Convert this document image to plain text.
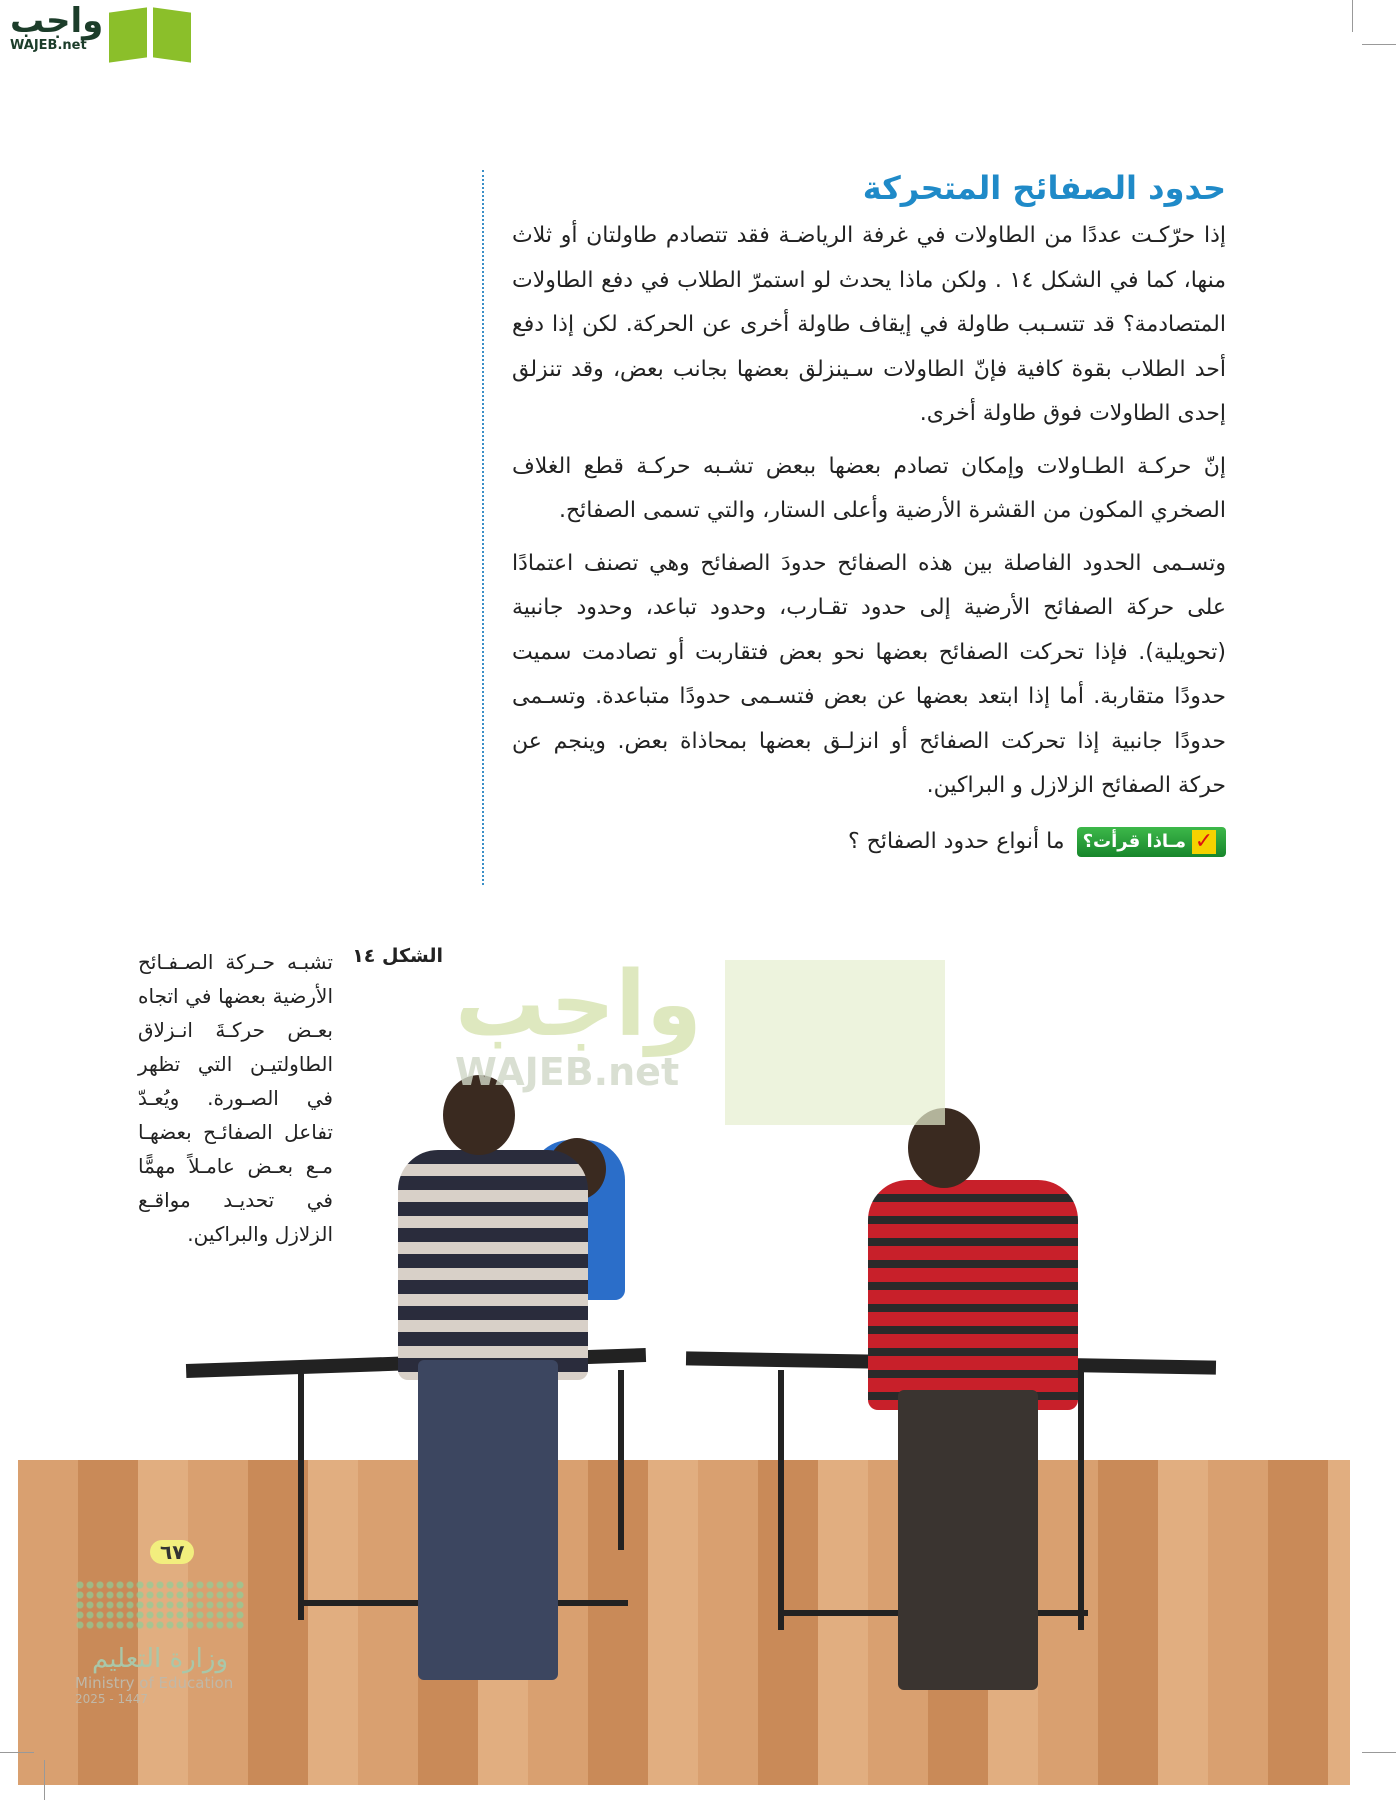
واجب
WAJEB.net
واجب
WAJEB.net
حدود الصفائح المتحركة

إذا حرّكـت عددًا من الطاولات في غرفة الرياضـة فقد تتصادم طاولتان أو ثلاث منها، كما في الشكل ١٤ . ولكن ماذا يحدث لو استمرّ الطلاب في دفع الطاولات المتصادمة؟ قد تتسـبب طاولة في إيقاف طاولة أخرى عن الحركة. لكن إذا دفع أحد الطلاب بقوة كافية فإنّ الطاولات سـينزلق بعضها بجانب بعض، وقد تنزلق إحدى الطاولات فوق طاولة أخرى.

إنّ حركـة الطـاولات وإمكان تصادم بعضها ببعض تشـبه حركـة قطع الغلاف الصخري المكون من القشرة الأرضية وأعلى الستار، والتي تسمى الصفائح.

وتسـمى الحدود الفاصلة بين هذه الصفائح حدودَ الصفائح وهي تصنف اعتمادًا على حركة الصفائح الأرضية إلى حدود تقـارب، وحدود تباعد، وحدود جانبية (تحويلية). فإذا تحركت الصفائح بعضها نحو بعض فتقاربت أو تصادمت سميت حدودًا متقاربة. أما إذا ابتعد بعضها عن بعض فتسـمى حدودًا متباعدة. وتسـمى حدودًا جانبية إذا تحركت الصفائح أو انزلـق بعضها بمحاذاة بعض. وينجم عن حركة الصفائح الزلازل و البراكين.

✓
مـاذا قرأت؟
ما أنواع حدود الصفائح ؟
الشكل ١٤
تشبـه حـركة الصـفـائح الأرضية بعضها في اتجاه بعـض حركـةَ انـزلاق الطاولتيـن التي تظهر في الصـورة. ويُعـدّ تفاعل الصفائـح بعضهـا مـع بعـض عامـلاً مهمًّا في تحديـد مواقـع الزلازل والبراكين.
وزارة التعليم
Ministry of Education
2025 - 1447
٦٧
